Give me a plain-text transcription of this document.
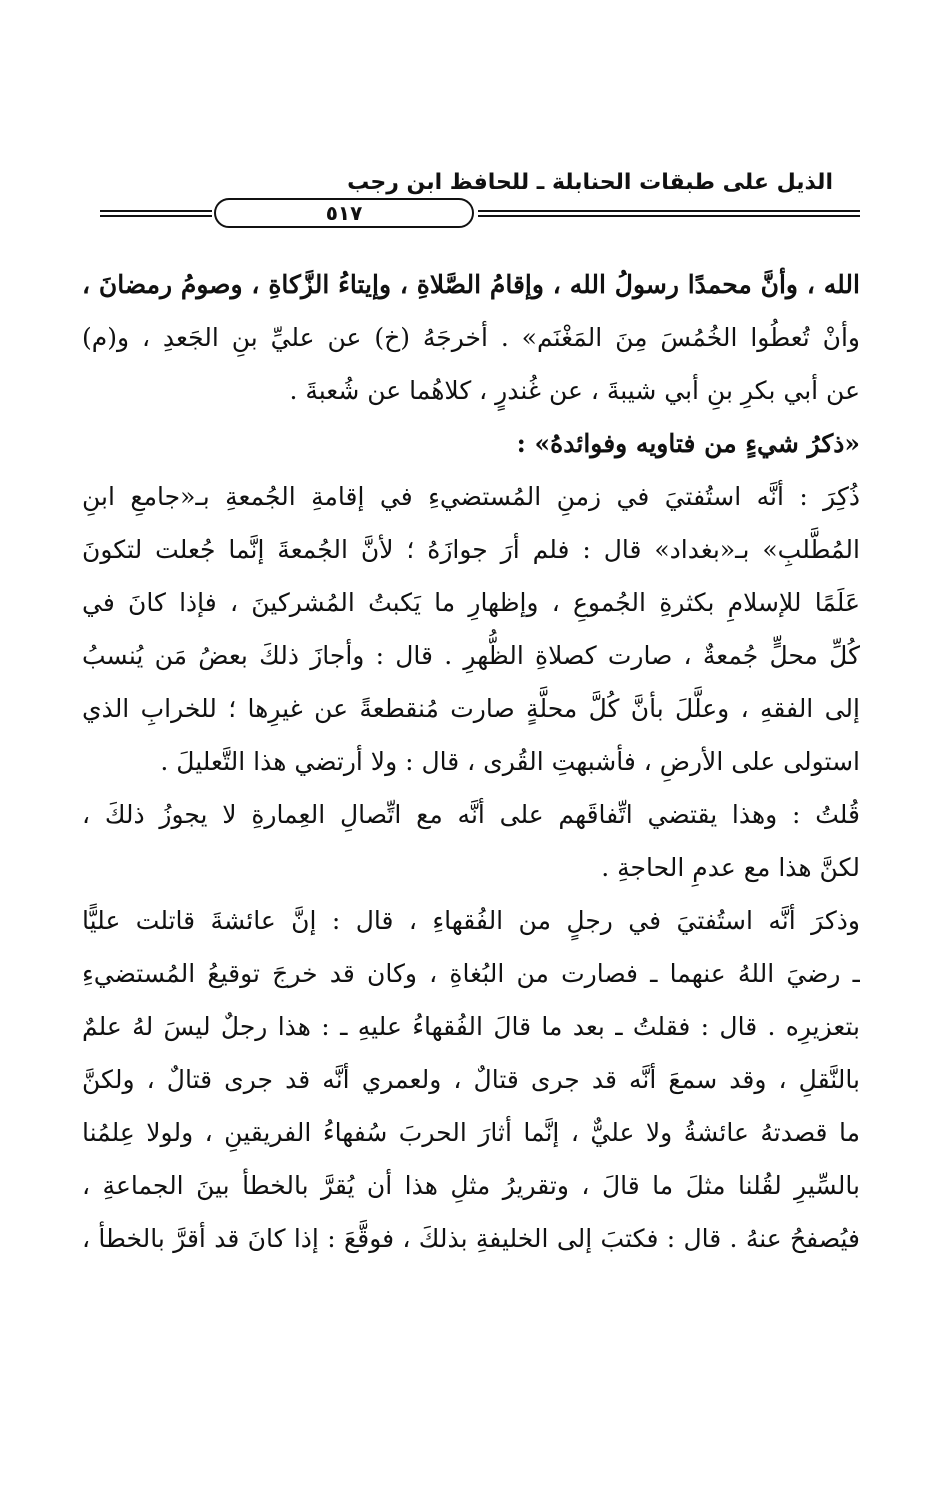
الذيل على طبقات الحنابلة ـ للحافظ ابن رجب
٥١٧
الله ، وأنَّ محمدًا رسولُ الله ، وإقامُ الصَّلاةِ ، وإيتاءُ الزَّكاةِ ، وصومُ رمضانَ ،
وأنْ تُعطُوا الخُمُسَ مِنَ المَغْنَم» . أخرجَهُ (خ) عن عليِّ بنِ الجَعدِ ، و(م)
عن أبي بكرِ بنِ أبي شيبةَ ، عن غُندرٍ ، كلاهُما عن شُعبةَ .
«ذكرُ شيءٍ من فتاويه وفوائدهُ» :
ذُكِرَ : أنَّه استُفتيَ في زمنِ المُستضيءِ في إقامةِ الجُمعةِ بـ«جامعِ ابنِ
المُطَّلبِ» بـ«بغداد» قال : فلم أرَ جوازَهُ ؛ لأنَّ الجُمعةَ إنَّما جُعلت لتكونَ
عَلَمًا للإسلامِ بكثرةِ الجُموعِ ، وإظهارِ ما يَكبتُ المُشركينَ ، فإذا كانَ في
كُلِّ محلٍّ جُمعةٌ ، صارت كصلاةِ الظُّهرِ . قال : وأجازَ ذلكَ بعضُ مَن يُنسبُ
إلى الفقهِ ، وعلَّلَ بأنَّ كُلَّ محلَّةٍ صارت مُنقطعةً عن غيرِها ؛ للخرابِ الذي
استولى على الأرضِ ، فأشبهتِ القُرى ، قال : ولا أرتضي هذا التَّعليلَ .
قُلتُ : وهذا يقتضي اتِّفاقَهم على أنَّه مع اتِّصالِ العِمارةِ لا يجوزُ ذلكَ ،
لكنَّ هذا مع عدمِ الحاجةِ .
وذكرَ أنَّه استُفتيَ في رجلٍ من الفُقهاءِ ، قال : إنَّ عائشةَ قاتلت عليًّا
ـ رضيَ اللهُ عنهما ـ فصارت من البُغاةِ ، وكان قد خرجَ توقيعُ المُستضيءِ
بتعزيرِه . قال : فقلتُ ـ بعد ما قالَ الفُقهاءُ عليهِ ـ : هذا رجلٌ ليسَ لهُ علمٌ
بالنَّقلِ ، وقد سمعَ أنَّه قد جرى قتالٌ ، ولعمري أنَّه قد جرى قتالٌ ، ولكنَّ
ما قصدتهُ عائشةُ ولا عليٌّ ، إنَّما أثارَ الحربَ سُفهاءُ الفريقينِ ، ولولا عِلمُنا
بالسِّيرِ لقُلنا مثلَ ما قالَ ، وتقريرُ مثلِ هذا أن يُقرَّ بالخطأ بينَ الجماعةِ ،
فيُصفحُ عنهُ . قال : فكتبَ إلى الخليفةِ بذلكَ ، فوقَّعَ : إذا كانَ قد أقرَّ بالخطأ ،
